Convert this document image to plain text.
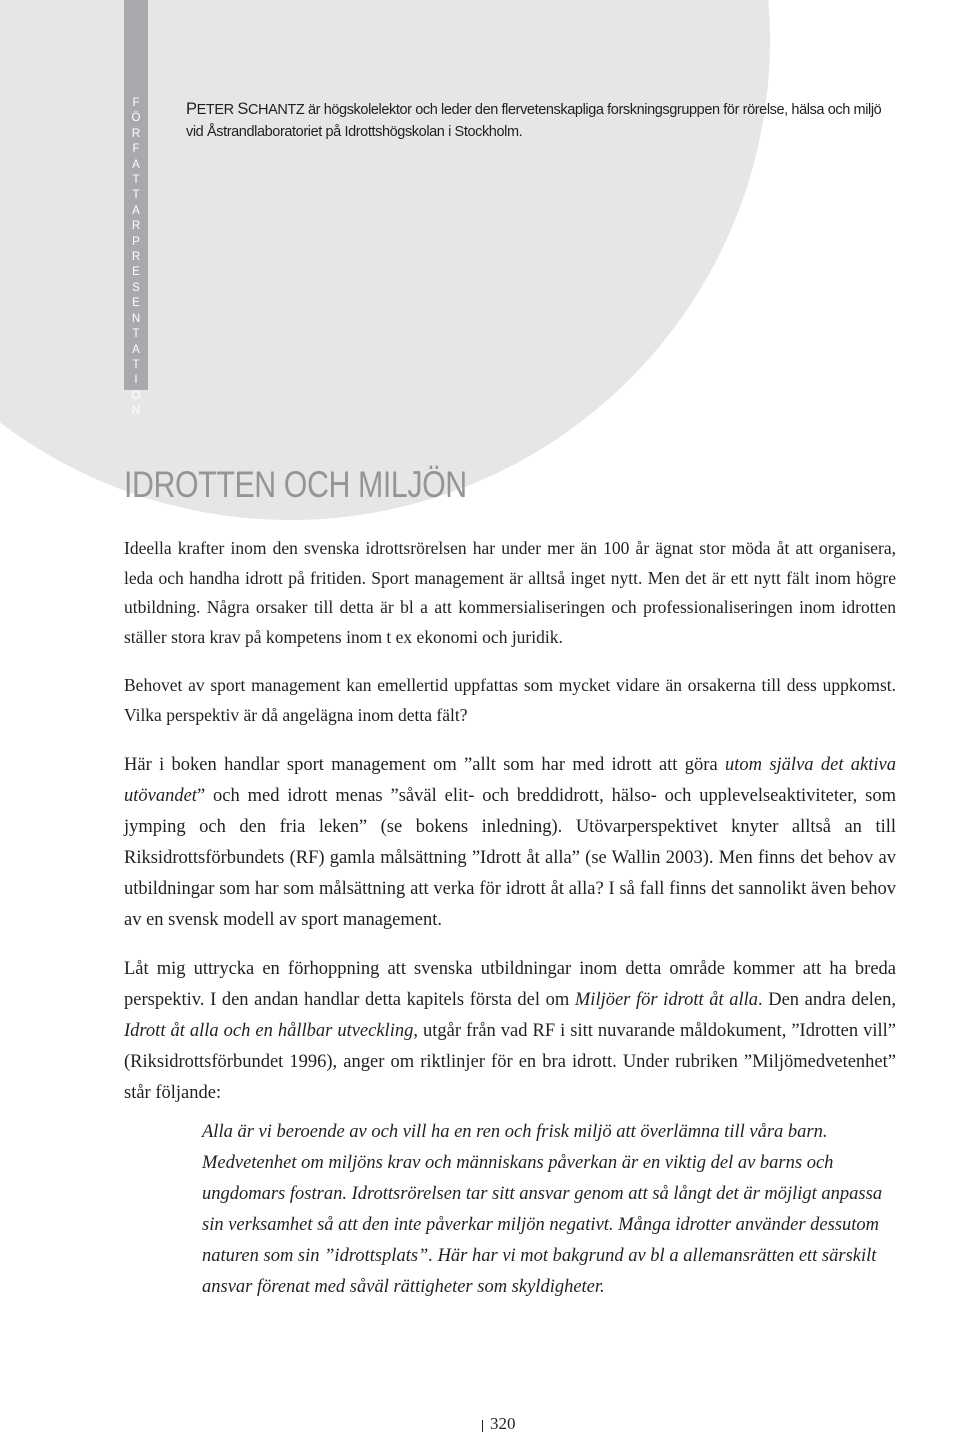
F
Ö
R
F
A
T
T
A
R
P
R
E
S
E
N
T
A
T
I
O
N
PETER SCHANTZ är högskolelektor och leder den flervetenskapliga forskningsgruppen för rörelse, hälsa och miljö vid Åstrandlaboratoriet på Idrottshögskolan i Stockholm.
IDROTTEN OCH MILJÖN

Ideella krafter inom den svenska idrottsrörelsen har under mer än 100 år ägnat stor möda åt att organisera, leda och handha idrott på fritiden. Sport management är alltså inget nytt. Men det är ett nytt fält inom högre utbildning. Några orsaker till detta är bl a att kommersialiseringen och professionaliseringen inom idrotten ställer stora krav på kompetens inom t ex ekonomi och juridik.

Behovet av sport management kan emellertid uppfattas som mycket vidare än orsakerna till dess uppkomst. Vilka perspektiv är då angelägna inom detta fält?

Här i boken handlar sport management om ”allt som har med idrott att göra utom själva det aktiva utövandet” och med idrott menas ”såväl elit- och breddidrott, hälso- och upplevelseaktiviteter, som jymping och den fria leken” (se bokens inledning). Utövarperspektivet knyter alltså an till Riksidrottsförbundets (RF) gamla målsättning ”Idrott åt alla” (se Wallin 2003). Men finns det behov av utbildningar som har som målsättning att verka för idrott åt alla? I så fall finns det sannolikt även behov av en svensk modell av sport management.

Låt mig uttrycka en förhoppning att svenska utbildningar inom detta område kommer att ha breda perspektiv. I den andan handlar detta kapitels första del om Miljöer för idrott åt alla. Den andra delen, Idrott åt alla och en hållbar utveckling, utgår från vad RF i sitt nuvarande måldokument, ”Idrotten vill” (Riksidrottsförbundet 1996), anger om riktlinjer för en bra idrott. Under rubriken ”Miljömedvetenhet” står följande:

Alla är vi beroende av och vill ha en ren och frisk miljö att överlämna till våra barn. Medvetenhet om miljöns krav och människans påverkan är en viktig del av barns och ungdomars fostran. Idrottsrörelsen tar sitt ansvar genom att så långt det är möjligt anpassa sin verksamhet så att den inte påverkar miljön negativt. Många idrotter använder dessutom naturen som sin ”idrottsplats”. Här har vi mot bakgrund av bl a allemansrätten ett särskilt ansvar förenat med såväl rättigheter som skyldigheter.

320
